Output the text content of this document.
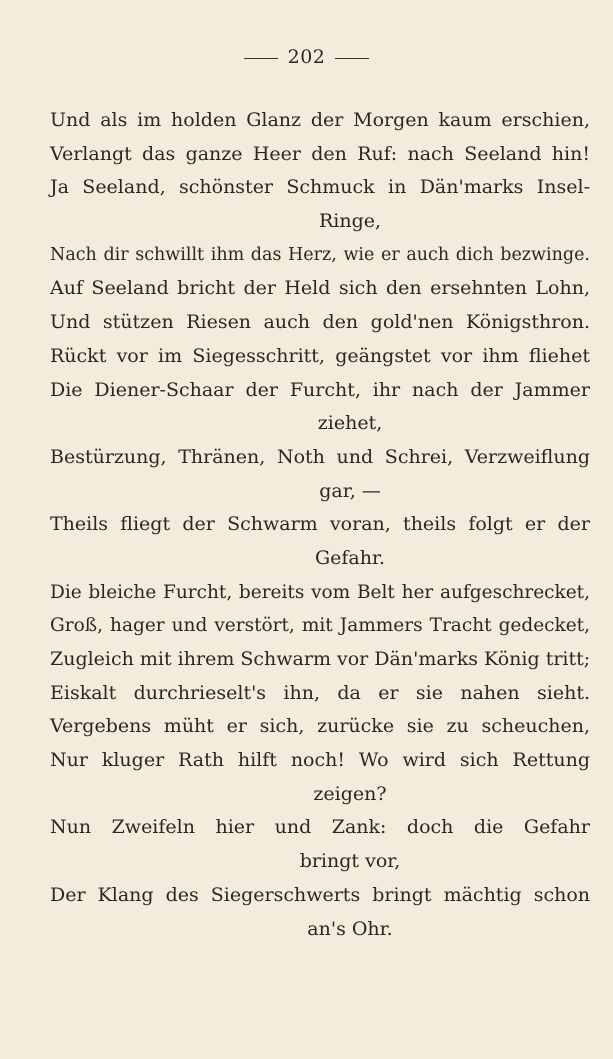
202
Und als im holden Glanz der Morgen kaum erschien,
Verlangt das ganze Heer den Ruf: nach Seeland hin!
Ja Seeland, schönster Schmuck in Dän'marks Insel-
Ringe,
Nach dir schwillt ihm das Herz, wie er auch dich bezwinge.
Auf Seeland bricht der Held sich den ersehnten Lohn,
Und stützen Riesen auch den gold'nen Königsthron.
Rückt vor im Siegesschritt, geängstet vor ihm fliehet
Die Diener-Schaar der Furcht, ihr nach der Jammer
ziehet,
Bestürzung, Thränen, Noth und Schrei, Verzweiflung
gar, —
Theils fliegt der Schwarm voran, theils folgt er der
Gefahr.
Die bleiche Furcht, bereits vom Belt her aufgeschrecket,
Groß, hager und verstört, mit Jammers Tracht gedecket,
Zugleich mit ihrem Schwarm vor Dän'marks König tritt;
Eiskalt durchrieselt's ihn, da er sie nahen sieht.
Vergebens müht er sich, zurücke sie zu scheuchen,
Nur kluger Rath hilft noch! Wo wird sich Rettung
zeigen?
Nun Zweifeln hier und Zank: doch die Gefahr
bringt vor,
Der Klang des Siegerschwerts bringt mächtig schon
an's Ohr.
